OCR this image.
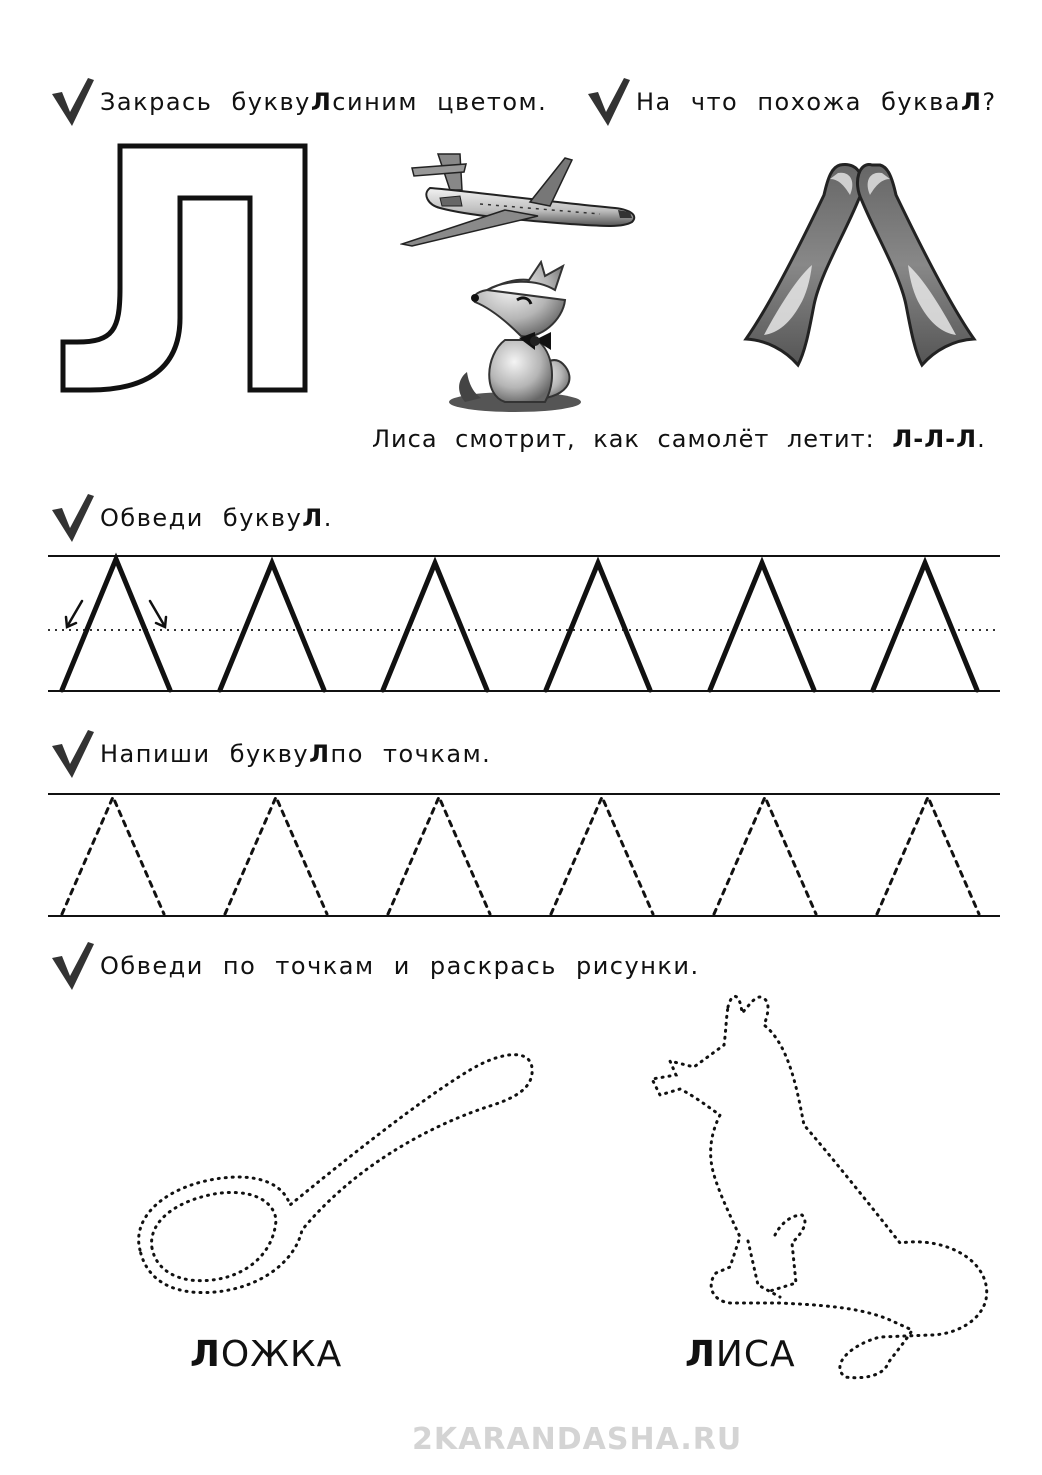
Закрась букву Л синим цветом.	На что похожа буква Л ?
Лиса смотрит, как самолёт летит: Л-Л-Л.
Обведи букву Л .
Напиши букву Л по точкам.
Обведи по точкам и раскрась рисунки.
ЛОЖКА	ЛИСА
2KARANDASHA.RU
